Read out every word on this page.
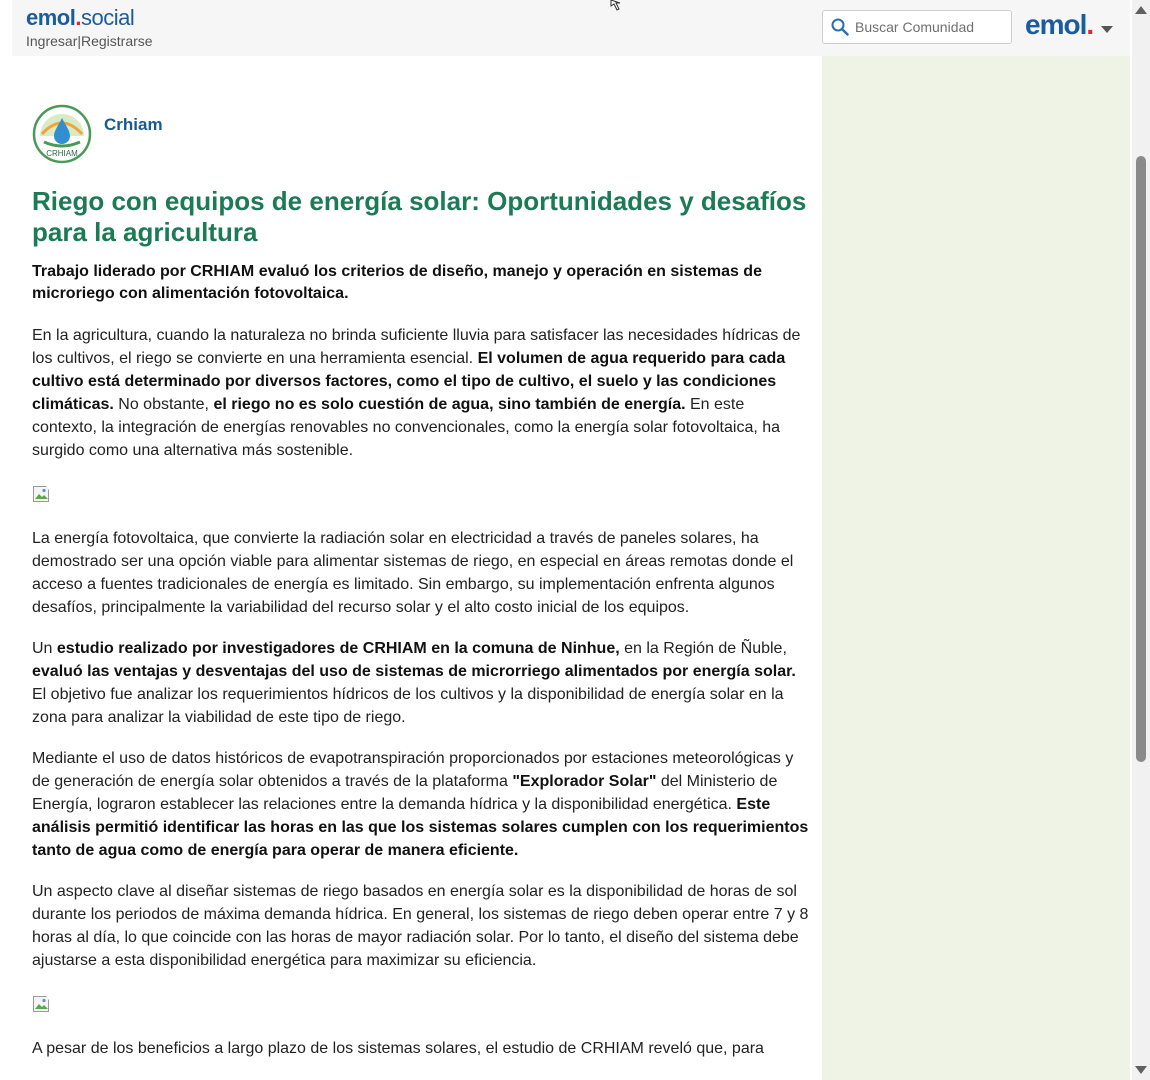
emol.social
Ingresar|Registrarse
Buscar Comunidad
emol.
CRHIAM
Crhiam
Riego con equipos de energía solar: Oportunidades y desafíos para la agricultura

Trabajo liderado por CRHIAM evaluó los criterios de diseño, manejo y operación en sistemas de microriego con alimentación fotovoltaica.

En la agricultura, cuando la naturaleza no brinda suficiente lluvia para satisfacer las necesidades hídricas de los cultivos, el riego se convierte en una herramienta esencial. El volumen de agua requerido para cada cultivo está determinado por diversos factores, como el tipo de cultivo, el suelo y las condiciones climáticas. No obstante, el riego no es solo cuestión de agua, sino también de energía. En este contexto, la integración de energías renovables no convencionales, como la energía solar fotovoltaica, ha surgido como una alternativa más sostenible.

La energía fotovoltaica, que convierte la radiación solar en electricidad a través de paneles solares, ha demostrado ser una opción viable para alimentar sistemas de riego, en especial en áreas remotas donde el acceso a fuentes tradicionales de energía es limitado. Sin embargo, su implementación enfrenta algunos desafíos, principalmente la variabilidad del recurso solar y el alto costo inicial de los equipos.

Un estudio realizado por investigadores de CRHIAM en la comuna de Ninhue, en la Región de Ñuble, evaluó las ventajas y desventajas del uso de sistemas de microrriego alimentados por energía solar. El objetivo fue analizar los requerimientos hídricos de los cultivos y la disponibilidad de energía solar en la zona para analizar la viabilidad de este tipo de riego.

Mediante el uso de datos históricos de evapotranspiración proporcionados por estaciones meteorológicas y de generación de energía solar obtenidos a través de la plataforma "Explorador Solar" del Ministerio de Energía, lograron establecer las relaciones entre la demanda hídrica y la disponibilidad energética. Este análisis permitió identificar las horas en las que los sistemas solares cumplen con los requerimientos tanto de agua como de energía para operar de manera eficiente.

Un aspecto clave al diseñar sistemas de riego basados en energía solar es la disponibilidad de horas de sol durante los periodos de máxima demanda hídrica. En general, los sistemas de riego deben operar entre 7 y 8 horas al día, lo que coincide con las horas de mayor radiación solar. Por lo tanto, el diseño del sistema debe ajustarse a esta disponibilidad energética para maximizar su eficiencia.

A pesar de los beneficios a largo plazo de los sistemas solares, el estudio de CRHIAM reveló que, para
